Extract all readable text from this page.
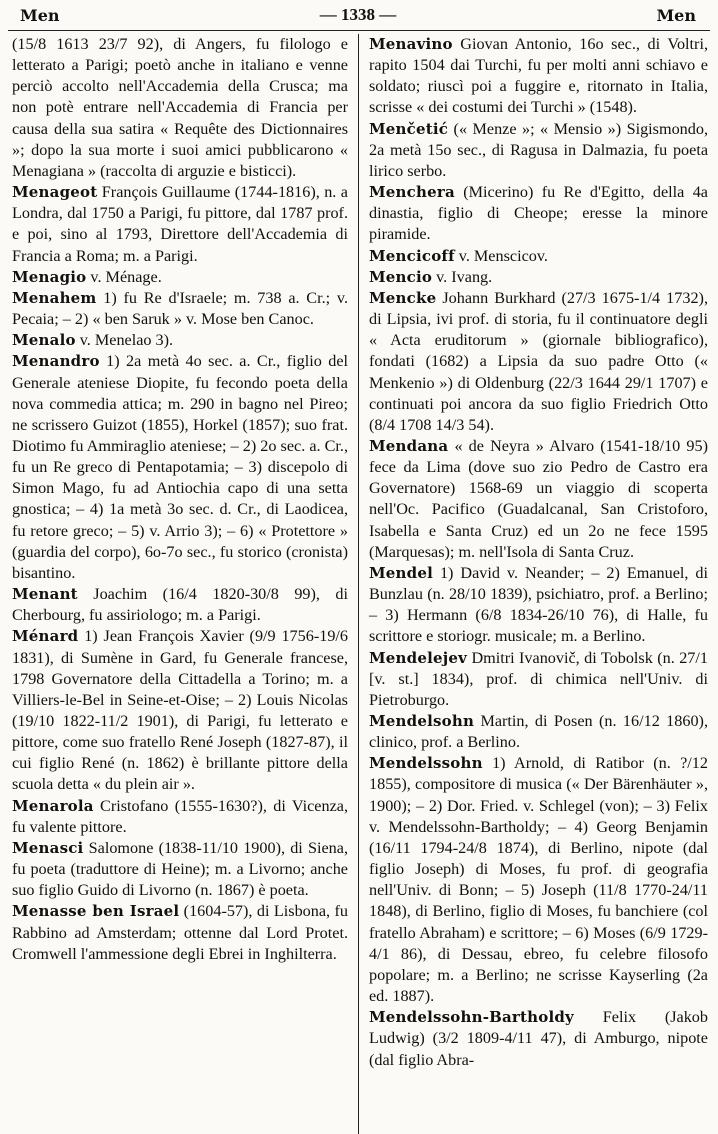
Men	— 1338 —	Men

(15/8 1613 23/7 92), di Angers, fu filologo e letterato a Parigi; poetò anche in italiano e venne perciò accolto nell'Accademia della Crusca; ma non potè entrare nell'Accademia di Francia per causa della sua satira « Requête des Dictionnaires »; dopo la sua morte i suoi amici pubblicarono « Menagiana » (raccolta di arguzie e bisticci).

Menageot François Guillaume (1744-1816), n. a Londra, dal 1750 a Parigi, fu pittore, dal 1787 prof. e poi, sino al 1793, Direttore dell'Accademia di Francia a Roma; m. a Parigi.

Menagio v. Ménage.

Menahem 1) fu Re d'Israele; m. 738 a. Cr.; v. Pecaia; – 2) « ben Saruk » v. Mose ben Canoc.

Menalo v. Menelao 3).

Menandro 1) 2a metà 4o sec. a. Cr., figlio del Generale ateniese Diopite, fu fecondo poeta della nova commedia attica; m. 290 in bagno nel Pireo; ne scrissero Guizot (1855), Horkel (1857); suo frat. Diotimo fu Ammiraglio ateniese; – 2) 2o sec. a. Cr., fu un Re greco di Pentapotamia; – 3) discepolo di Simon Mago, fu ad Antiochia capo di una setta gnostica; – 4) 1a metà 3o sec. d. Cr., di Laodicea, fu retore greco; – 5) v. Arrio 3); – 6) « Protettore » (guardia del corpo), 6o-7o sec., fu storico (cronista) bisantino.

Menant Joachim (16/4 1820-30/8 99), di Cherbourg, fu assiriologo; m. a Parigi.

Ménard 1) Jean François Xavier (9/9 1756-19/6 1831), di Sumène in Gard, fu Generale francese, 1798 Governatore della Cittadella a Torino; m. a Villiers-le-Bel in Seine-et-Oise; – 2) Louis Nicolas (19/10 1822-11/2 1901), di Parigi, fu letterato e pittore, come suo fratello René Joseph (1827-87), il cui figlio René (n. 1862) è brillante pittore della scuola detta « du plein air ».

Menarola Cristofano (1555-1630?), di Vicenza, fu valente pittore.

Menasci Salomone (1838-11/10 1900), di Siena, fu poeta (traduttore di Heine); m. a Livorno; anche suo figlio Guido di Livorno (n. 1867) è poeta.

Menasse ben Israel (1604-57), di Lisbona, fu Rabbino ad Amsterdam; ottenne dal Lord Protet. Cromwell l'ammessione degli Ebrei in Inghilterra.

Menavino Giovan Antonio, 16o sec., di Voltri, rapito 1504 dai Turchi, fu per molti anni schiavo e soldato; riuscì poi a fuggire e, ritornato in Italia, scrisse « dei costumi dei Turchi » (1548).

Menčetić (« Menze »; « Mensio ») Sigismondo, 2a metà 15o sec., di Ragusa in Dalmazia, fu poeta lirico serbo.

Menchera (Micerino) fu Re d'Egitto, della 4a dinastia, figlio di Cheope; eresse la minore piramide.

Mencicoff v. Menscicov.

Mencio v. Ivang.

Mencke Johann Burkhard (27/3 1675-1/4 1732), di Lipsia, ivi prof. di storia, fu il continuatore degli « Acta eruditorum » (giornale bibliografico), fondati (1682) a Lipsia da suo padre Otto (« Menkenio ») di Oldenburg (22/3 1644 29/1 1707) e continuati poi ancora da suo figlio Friedrich Otto (8/4 1708 14/3 54).

Mendana « de Neyra » Alvaro (1541-18/10 95) fece da Lima (dove suo zio Pedro de Castro era Governatore) 1568-69 un viaggio di scoperta nell'Oc. Pacifico (Guadalcanal, San Cristoforo, Isabella e Santa Cruz) ed un 2o ne fece 1595 (Marquesas); m. nell'Isola di Santa Cruz.

Mendel 1) David v. Neander; – 2) Emanuel, di Bunzlau (n. 28/10 1839), psichiatro, prof. a Berlino; – 3) Hermann (6/8 1834-26/10 76), di Halle, fu scrittore e storiogr. musicale; m. a Berlino.

Mendelejev Dmitri Ivanovič, di Tobolsk (n. 27/1 [v. st.] 1834), prof. di chimica nell'Univ. di Pietroburgo.

Mendelsohn Martin, di Posen (n. 16/12 1860), clinico, prof. a Berlino.

Mendelssohn 1) Arnold, di Ratibor (n. ?/12 1855), compositore di musica (« Der Bärenhäuter », 1900); – 2) Dor. Fried. v. Schlegel (von); – 3) Felix v. Mendelssohn-Bartholdy; – 4) Georg Benjamin (16/11 1794-24/8 1874), di Berlino, nipote (dal figlio Joseph) di Moses, fu prof. di geografia nell'Univ. di Bonn; – 5) Joseph (11/8 1770-24/11 1848), di Berlino, figlio di Moses, fu banchiere (col fratello Abraham) e scrittore; – 6) Moses (6/9 1729-4/1 86), di Dessau, ebreo, fu celebre filosofo popolare; m. a Berlino; ne scrisse Kayserling (2a ed. 1887).

Mendelssohn-Bartholdy Felix (Jakob Ludwig) (3/2 1809-4/11 47), di Amburgo, nipote (dal figlio Abra-
